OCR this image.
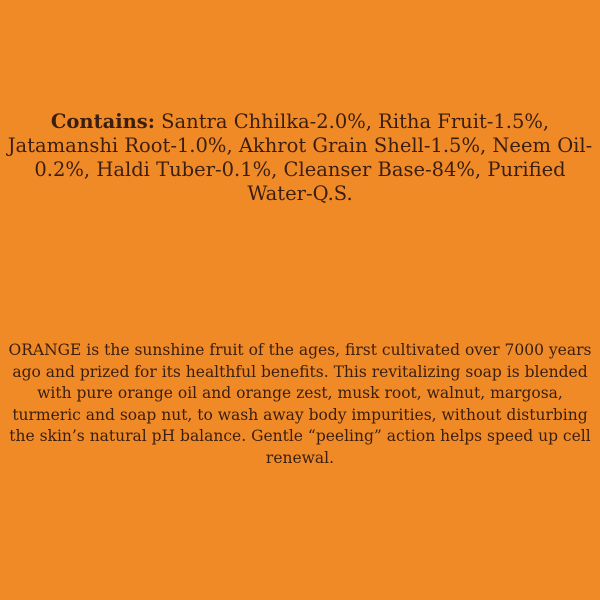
Contains: Santra Chhilka-2.0%, Ritha Fruit-1.5%, Jatamanshi Root-1.0%, Akhrot Grain Shell-1.5%, Neem Oil-0.2%, Haldi Tuber-0.1%, Cleanser Base-84%, Purified Water-Q.S.
ORANGE is the sunshine fruit of the ages, first cultivated over 7000 years ago and prized for its healthful benefits. This revitalizing soap is blended with pure orange oil and orange zest, musk root, walnut, margosa, turmeric and soap nut, to wash away body impurities, without disturbing the skin’s natural pH balance. Gentle “peeling” action helps speed up cell renewal.
